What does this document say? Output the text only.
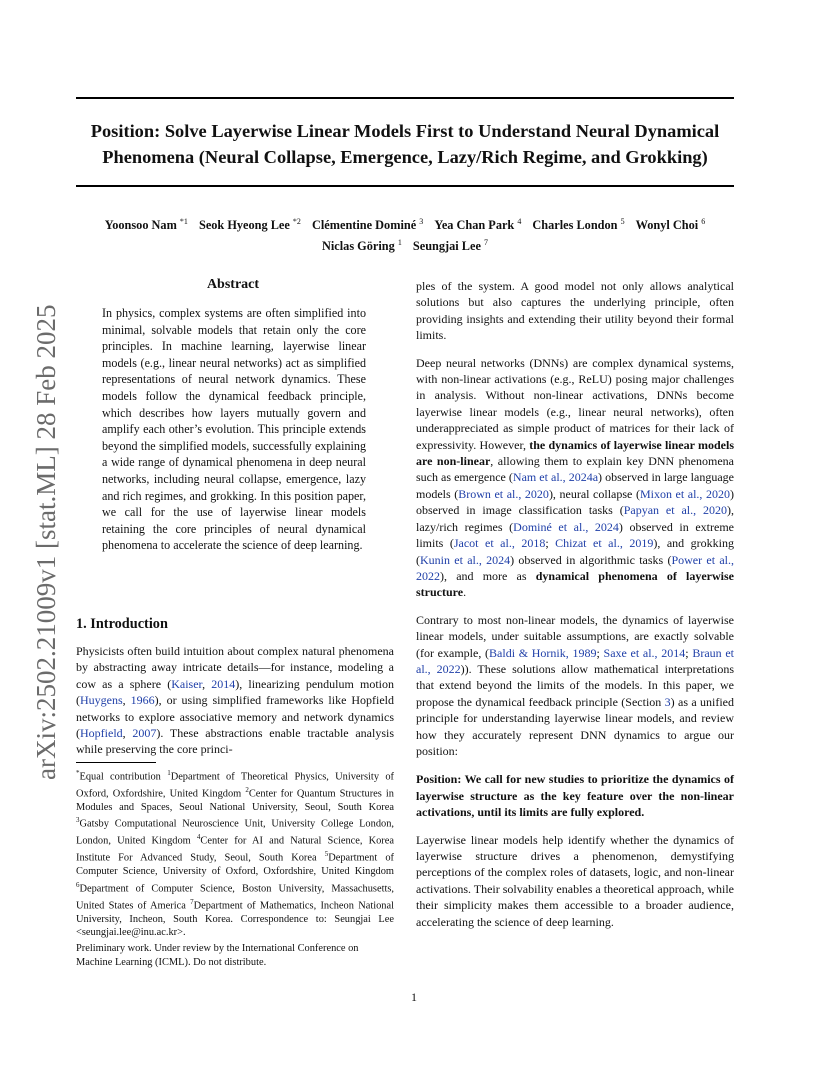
Position: Solve Layerwise Linear Models First to Understand Neural Dynamical
Phenomena (Neural Collapse, Emergence, Lazy/Rich Regime, and Grokking)
Yoonsoo Nam $^{*1}$ Seok Hyeong Lee $^{*2}$ Clémentine Dominé $^3$ Yea Chan Park $^4$ Charles London $^5$ Wonyl Choi $^6$
Niclas Göring $^1$ Seungjai Lee $^7$
arXiv:2502.21009v1 [stat.ML] 28 Feb 2025
Abstract

In physics, complex systems are often simplified into minimal, solvable models that retain only the core principles. In machine learning, layerwise linear models (e.g., linear neural networks) act as simplified representations of neural network dynamics. These models follow the dynamical feedback principle, which describes how layers mutually govern and amplify each other’s evolution. This principle extends beyond the simplified models, successfully explaining a wide range of dynamical phenomena in deep neural networks, including neural collapse, emergence, lazy and rich regimes, and grokking. In this position paper, we call for the use of layerwise linear models retaining the core principles of neural dynamical phenomena to accelerate the science of deep learning.

1. Introduction

Physicists often build intuition about complex natural phenomena by abstracting away intricate details—for instance, modeling a cow as a sphere (Kaiser, 2014), linearizing pendulum motion (Huygens, 1966), or using simplified frameworks like Hopfield networks to explore associative memory and network dynamics (Hopfield, 2007). These abstractions enable tractable analysis while preserving the core princi-

*Equal contribution $^1$Department of Theoretical Physics, University of Oxford, Oxfordshire, United Kingdom $^2$Center for Quantum Structures in Modules and Spaces, Seoul National University, Seoul, South Korea $^3$Gatsby Computational Neuroscience Unit, University College London, London, United Kingdom $^4$Center for AI and Natural Science, Korea Institute For Advanced Study, Seoul, South Korea $^5$Department of Computer Science, University of Oxford, Oxfordshire, United Kingdom $^6$Department of Computer Science, Boston University, Massachusetts, United States of America $^7$Department of Mathematics, Incheon National University, Incheon, South Korea. Correspondence to: Seungjai Lee <seungjai.lee@inu.ac.kr>.

Preliminary work. Under review by the International Conference on Machine Learning (ICML). Do not distribute.

ples of the system. A good model not only allows analytical solutions but also captures the underlying principle, often providing insights and extending their utility beyond their formal limits.

Deep neural networks (DNNs) are complex dynamical systems, with non-linear activations (e.g., ReLU) posing major challenges in analysis. Without non-linear activations, DNNs become layerwise linear models (e.g., linear neural networks), often underappreciated as simple product of matrices for their lack of expressivity. However, the dynamics of layerwise linear models are non-linear, allowing them to explain key DNN phenomena such as emergence (Nam et al., 2024a) observed in large language models (Brown et al., 2020), neural collapse (Mixon et al., 2020) observed in image classification tasks (Papyan et al., 2020), lazy/rich regimes (Dominé et al., 2024) observed in extreme limits (Jacot et al., 2018; Chizat et al., 2019), and grokking (Kunin et al., 2024) observed in algorithmic tasks (Power et al., 2022), and more as dynamical phenomena of layerwise structure.

Contrary to most non-linear models, the dynamics of layerwise linear models, under suitable assumptions, are exactly solvable (for example, (Baldi & Hornik, 1989; Saxe et al., 2014; Braun et al., 2022)). These solutions allow mathematical interpretations that extend beyond the limits of the models. In this paper, we propose the dynamical feedback principle (Section 3) as a unified principle for understanding layerwise linear models, and review how they accurately represent DNN dynamics to argue our position:

Position: We call for new studies to prioritize the dynamics of layerwise structure as the key feature over the non-linear activations, until its limits are fully explored.

Layerwise linear models help identify whether the dynamics of layerwise structure drives a phenomenon, demystifying perceptions of the complex roles of datasets, logic, and non-linear activations. Their solvability enables a theoretical approach, while their simplicity makes them accessible to a broader audience, accelerating the science of deep learning.

1
